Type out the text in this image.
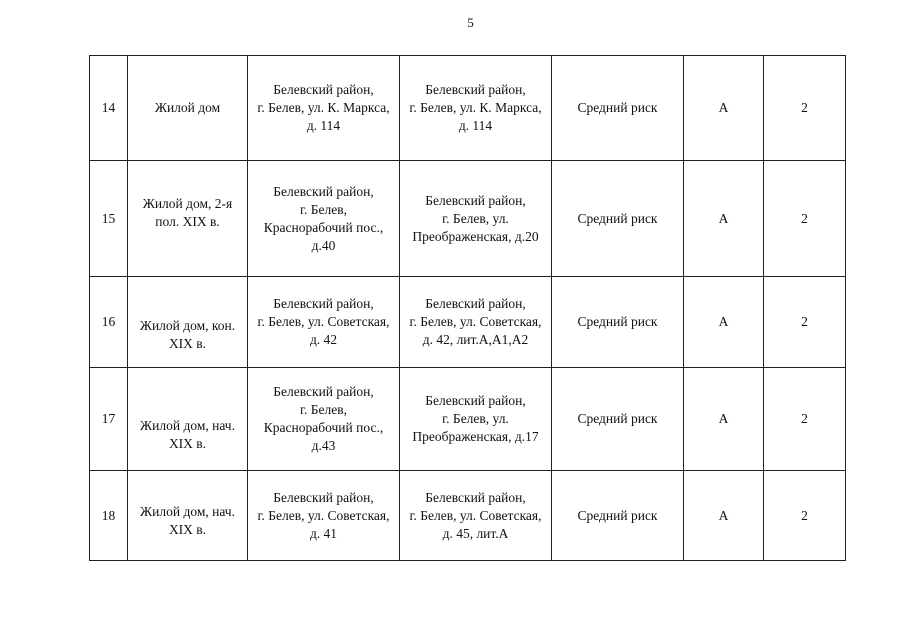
5
14	Жилой дом	Белевский район,
г. Белев, ул. К. Маркса,
д. 114	Белевский район,
г. Белев, ул. К. Маркса,
д. 114	Средний риск	А	2
15	Жилой дом, 2-я
пол. XIX в.	Белевский район,
г. Белев,
Краснорабочий пос.,
д.40	Белевский район,
г. Белев, ул.
Преображенская, д.20	Средний риск	А	2
16	Жилой дом, кон.
XIX в.	Белевский район,
г. Белев, ул. Советская,
д. 42	Белевский район,
г. Белев, ул. Советская,
д. 42, лит.А,А1,А2	Средний риск	А	2
17	Жилой дом, нач.
XIX в.	Белевский район,
г. Белев,
Краснорабочий пос.,
д.43	Белевский район,
г. Белев, ул.
Преображенская, д.17	Средний риск	А	2
18	Жилой дом, нач.
XIX в.	Белевский район,
г. Белев, ул. Советская,
д. 41	Белевский район,
г. Белев, ул. Советская,
д. 45, лит.А	Средний риск	А	2
